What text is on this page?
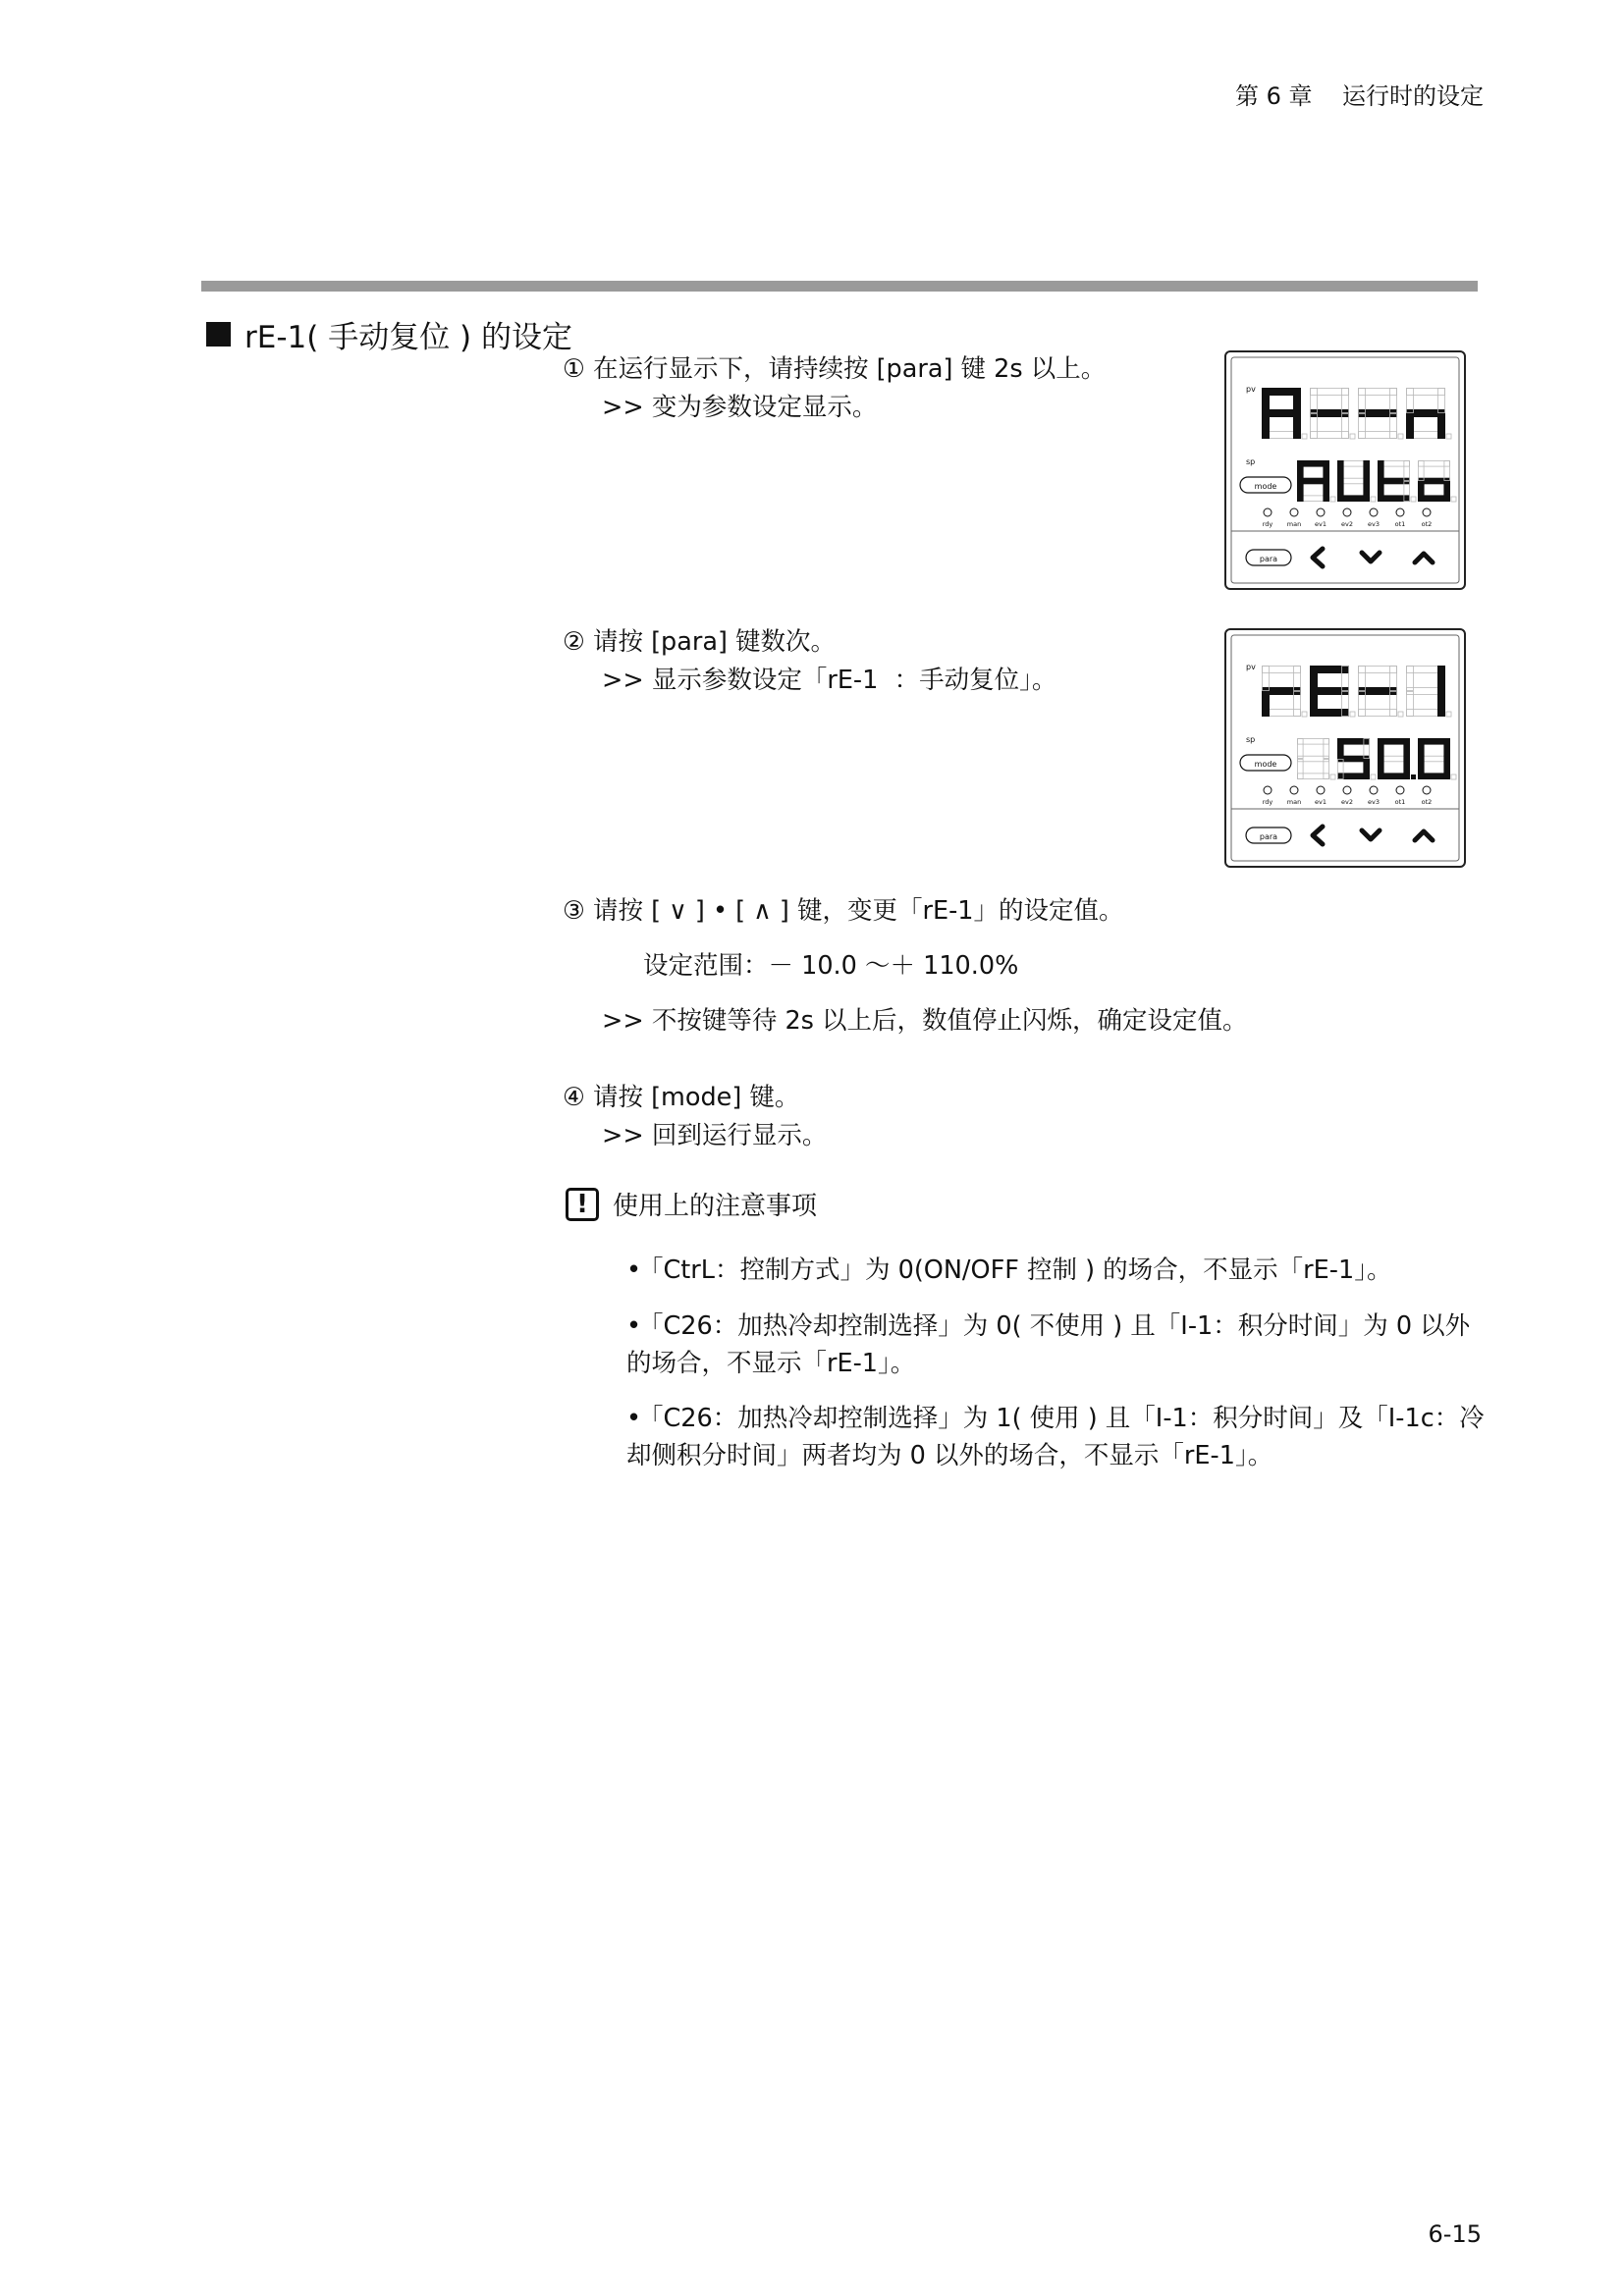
第 6 章    运行时的设定
rE-1( 手动复位 ) 的设定
① 在运行显示下，请持续按 [para] 键 2s 以上。
>> 变为参数设定显示。
② 请按 [para] 键数次。
>> 显示参数设定「rE-1  ：手动复位」。
③ 请按 [ ∨ ] • [ ∧ ] 键，变更「rE-1」的设定值。
设定范围：－ 10.0 ～＋ 110.0%
>> 不按键等待 2s 以上后，数值停止闪烁，确定设定值。
④ 请按 [mode] 键。
>> 回到运行显示。
! 使用上的注意事项
•「CtrL：控制方式」为 0(ON/OFF 控制 ) 的场合，不显示「rE-1」。
•「C26：加热冷却控制选择」为 0( 不使用 ) 且「I-1：积分时间」为 0 以外的场合，不显示「rE-1」。
•「C26：加热冷却控制选择」为 1( 使用 ) 且「I-1：积分时间」及「I-1c：冷却侧积分时间」两者均为 0 以外的场合，不显示「rE-1」。
pv
sp
mode
rdy man ev1 ev2 ev3 ot1	ot2
para
pv
sp
mode
rdy man ev1 ev2 ev3 ot1	ot2
para
6-15
